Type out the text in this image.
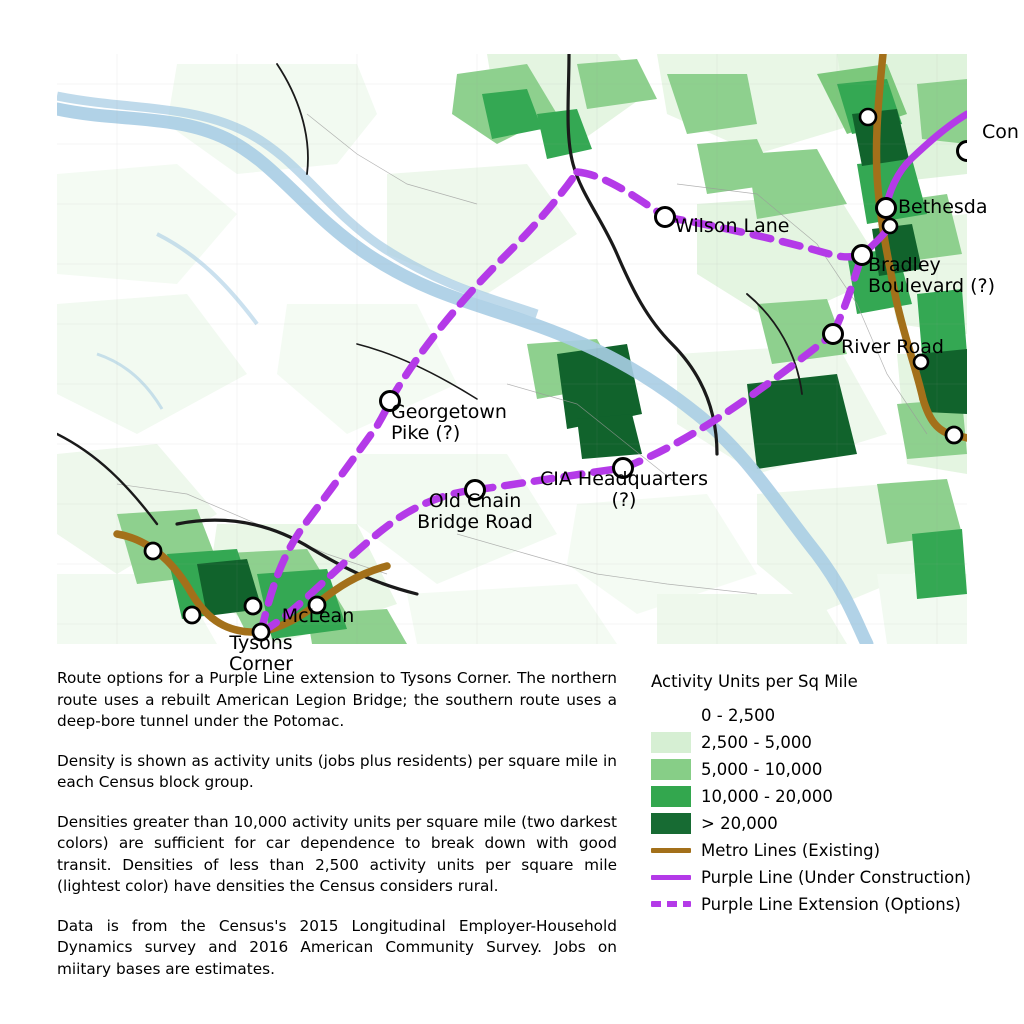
Wilson Lane
Bethesda
Bradley
Boulevard (?)
Con
River Road
Georgetown
Pike (?)
CIA Headquarters
(?)
Old Chain
Bridge Road
McLean
Tysons
Corner

Route options for a Purple Line extension to Tysons Corner. The northern route uses a rebuilt American Legion Bridge; the southern route uses a deep-bore tunnel under the Potomac.

Density is shown as activity units (jobs plus residents) per square mile in each Census block group.

Densities greater than 10,000 activity units per square mile (two darkest colors) are sufficient for car dependence to break down with good transit. Densities of less than 2,500 activity units per square mile (lightest color) have densities the Census considers rural.

Data is from the Census's 2015 Longitudinal Employer-Household Dynamics survey and 2016 American Community Survey. Jobs on miitary bases are estimates.

Activity Units per Sq Mile
0 - 2,500
2,500 - 5,000
5,000 - 10,000
10,000 - 20,000
> 20,000
Metro Lines (Existing)
Purple Line (Under Construction)
Purple Line Extension (Options)
